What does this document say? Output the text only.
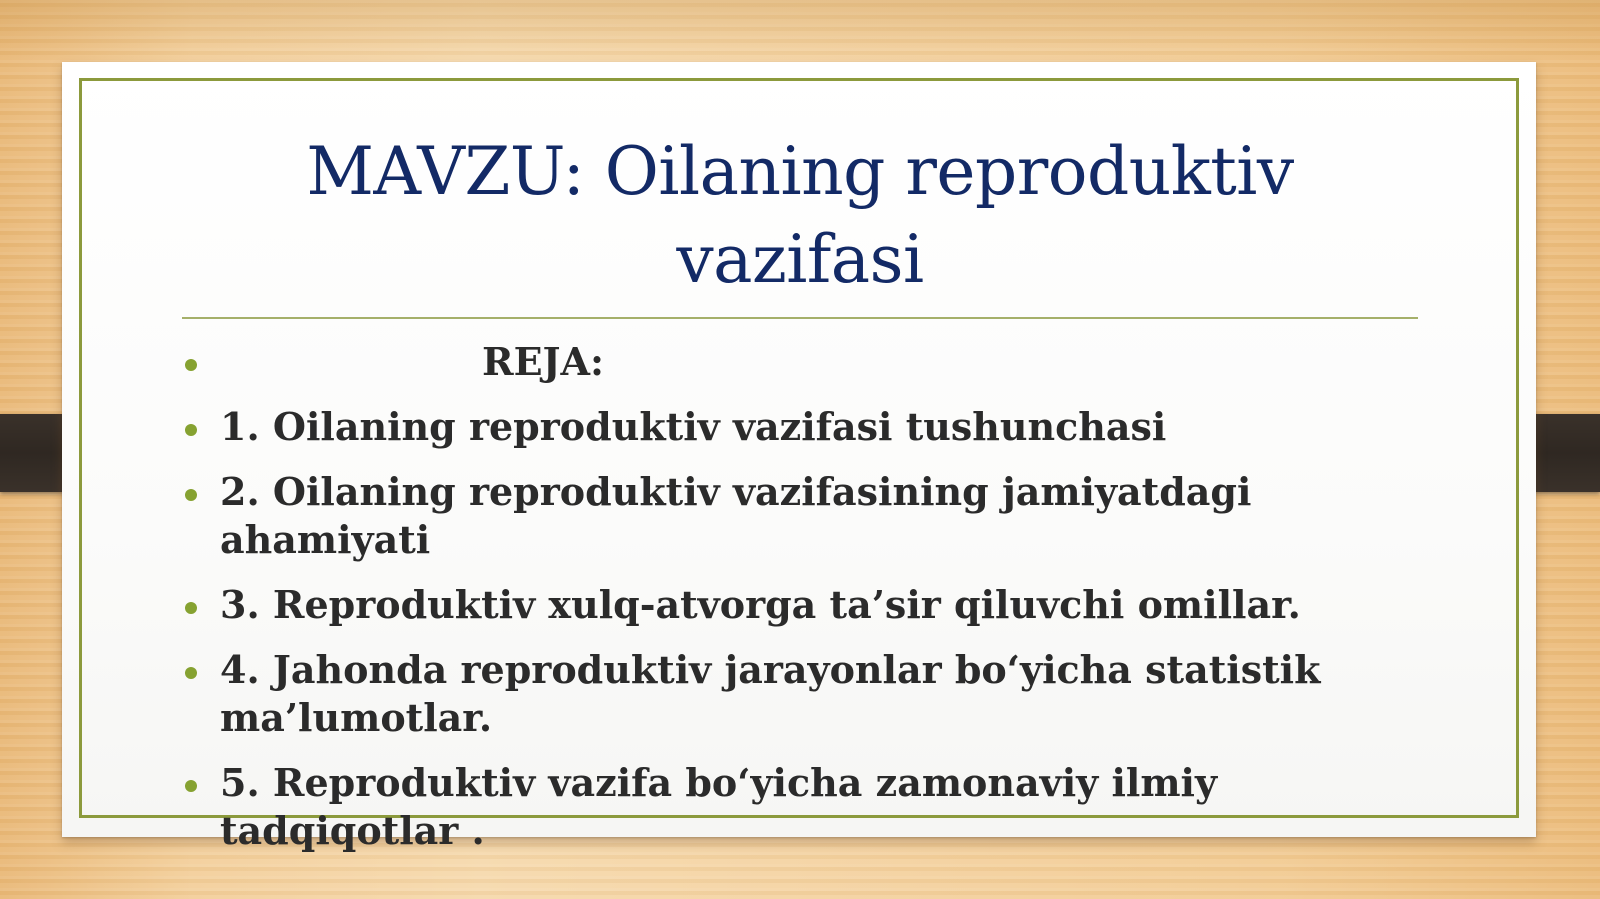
MAVZU: Oilaning reproduktiv vazifasi
REJA:
1. Oilaning reproduktiv vazifasi tushunchasi
2. Oilaning reproduktiv vazifasining jamiyatdagi ahamiyati
3. Reproduktiv xulq-atvorga ta’sir qiluvchi omillar.
4. Jahonda reproduktiv jarayonlar bo‘yicha statistik ma’lumotlar.
5. Reproduktiv vazifa bo‘yicha zamonaviy ilmiy tadqiqotlar .
